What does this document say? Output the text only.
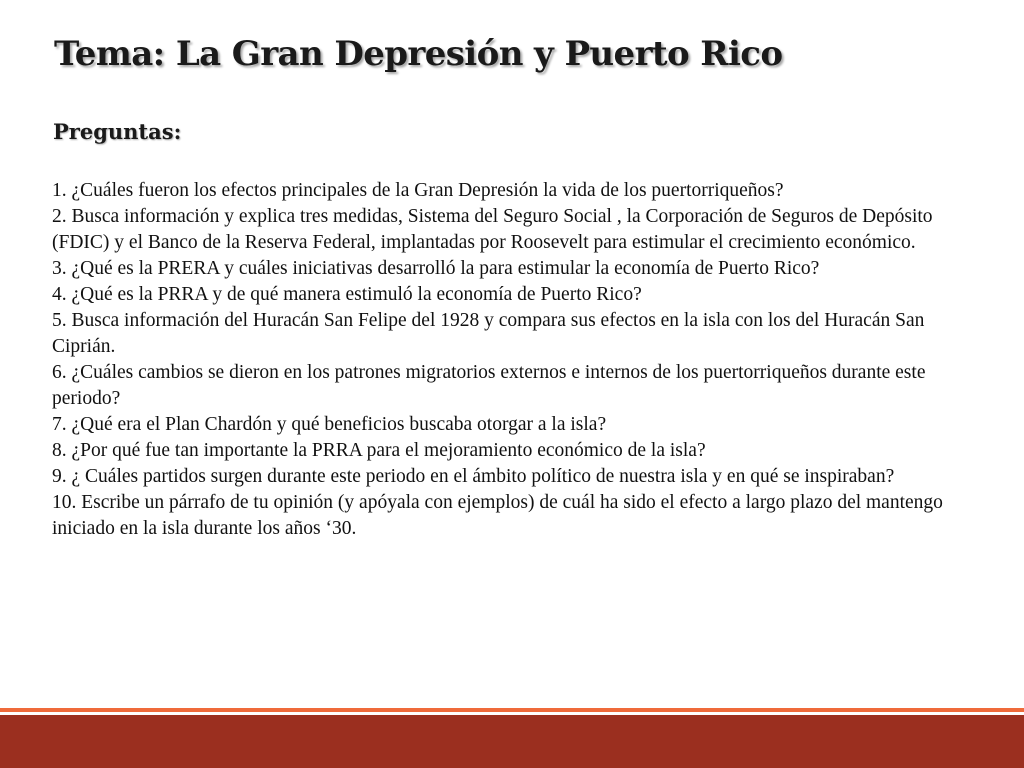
Tema: La Gran Depresión y Puerto Rico
Preguntas:
1. ¿Cuáles fueron los efectos principales de la Gran Depresión la vida de los puertorriqueños?
2. Busca información y explica tres medidas, Sistema del Seguro Social , la Corporación de Seguros de Depósito (FDIC) y el Banco de la Reserva Federal, implantadas por Roosevelt para estimular el crecimiento económico.
3. ¿Qué es la PRERA y cuáles iniciativas desarrolló la para estimular la economía de Puerto Rico?
4. ¿Qué es la PRRA y de qué manera estimuló la economía de Puerto Rico?
5. Busca información del Huracán San Felipe del 1928 y compara sus efectos en la isla con los del Huracán San Ciprián.
6. ¿Cuáles cambios se dieron en los patrones migratorios externos e internos de los puertorriqueños durante este periodo?
7. ¿Qué era el Plan Chardón y qué beneficios buscaba otorgar a la isla?
8. ¿Por qué fue tan importante la PRRA para el mejoramiento económico de la isla?
9. ¿ Cuáles partidos surgen durante este periodo en el ámbito político de nuestra isla y en qué se inspiraban?
10. Escribe un párrafo de tu opinión (y apóyala con ejemplos) de cuál ha sido el efecto a largo plazo del mantengo iniciado en la isla durante los años ‘30.
